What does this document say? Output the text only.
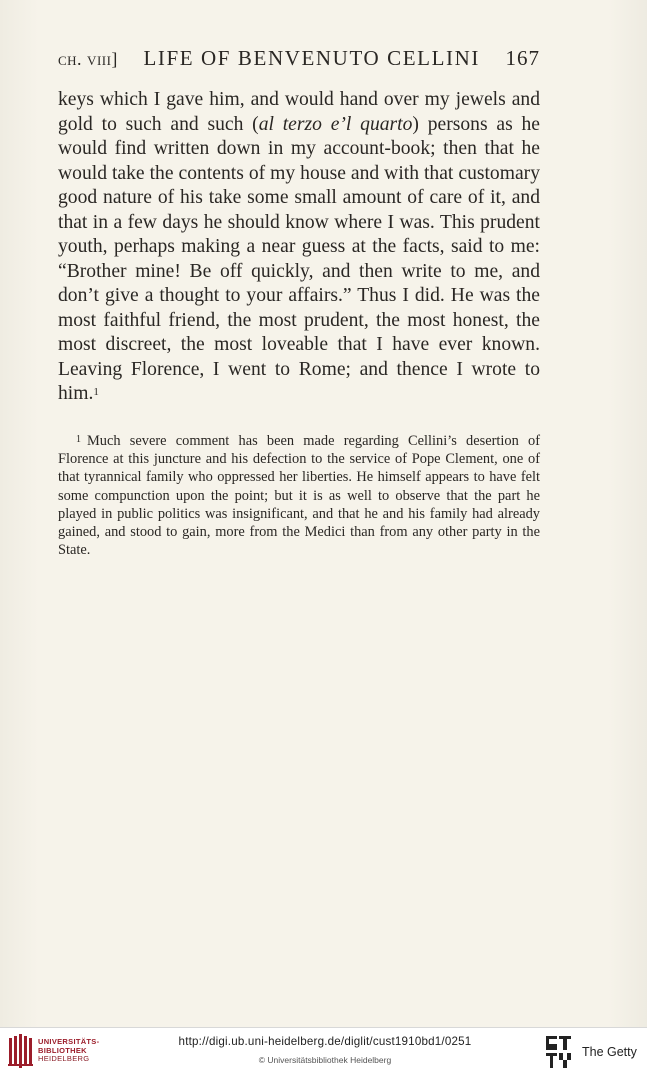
ch. viii] LIFE OF BENVENUTO CELLINI 167

keys which I gave him, and would hand over my jewels and gold to such and such (al terzo e’l quarto) persons as he would find written down in my account-book; then that he would take the contents of my house and with that customary good nature of his take some small amount of care of it, and that in a few days he should know where I was. This prudent youth, perhaps making a near guess at the facts, said to me: “Brother mine! Be off quickly, and then write to me, and don’t give a thought to your affairs.” Thus I did. He was the most faithful friend, the most prudent, the most honest, the most discreet, the most loveable that I have ever known. Leaving Florence, I went to Rome; and thence I wrote to him.$^1$

$^1$ Much severe comment has been made regarding Cellini’s desertion of Florence at this juncture and his defection to the service of Pope Clement, one of that tyrannical family who oppressed her liberties. He himself appears to have felt some compunction upon the point; but it is as well to observe that the part he played in public politics was insignificant, and that he and his family had already gained, and stood to gain, more from the Medici than from any other party in the State.

UNIVERSITÄTS-
BIBLIOTHEK
HEIDELBERG
http://digi.ub.uni-heidelberg.de/diglit/cust1910bd1/0251
© Universitätsbibliothek Heidelberg
The Getty
